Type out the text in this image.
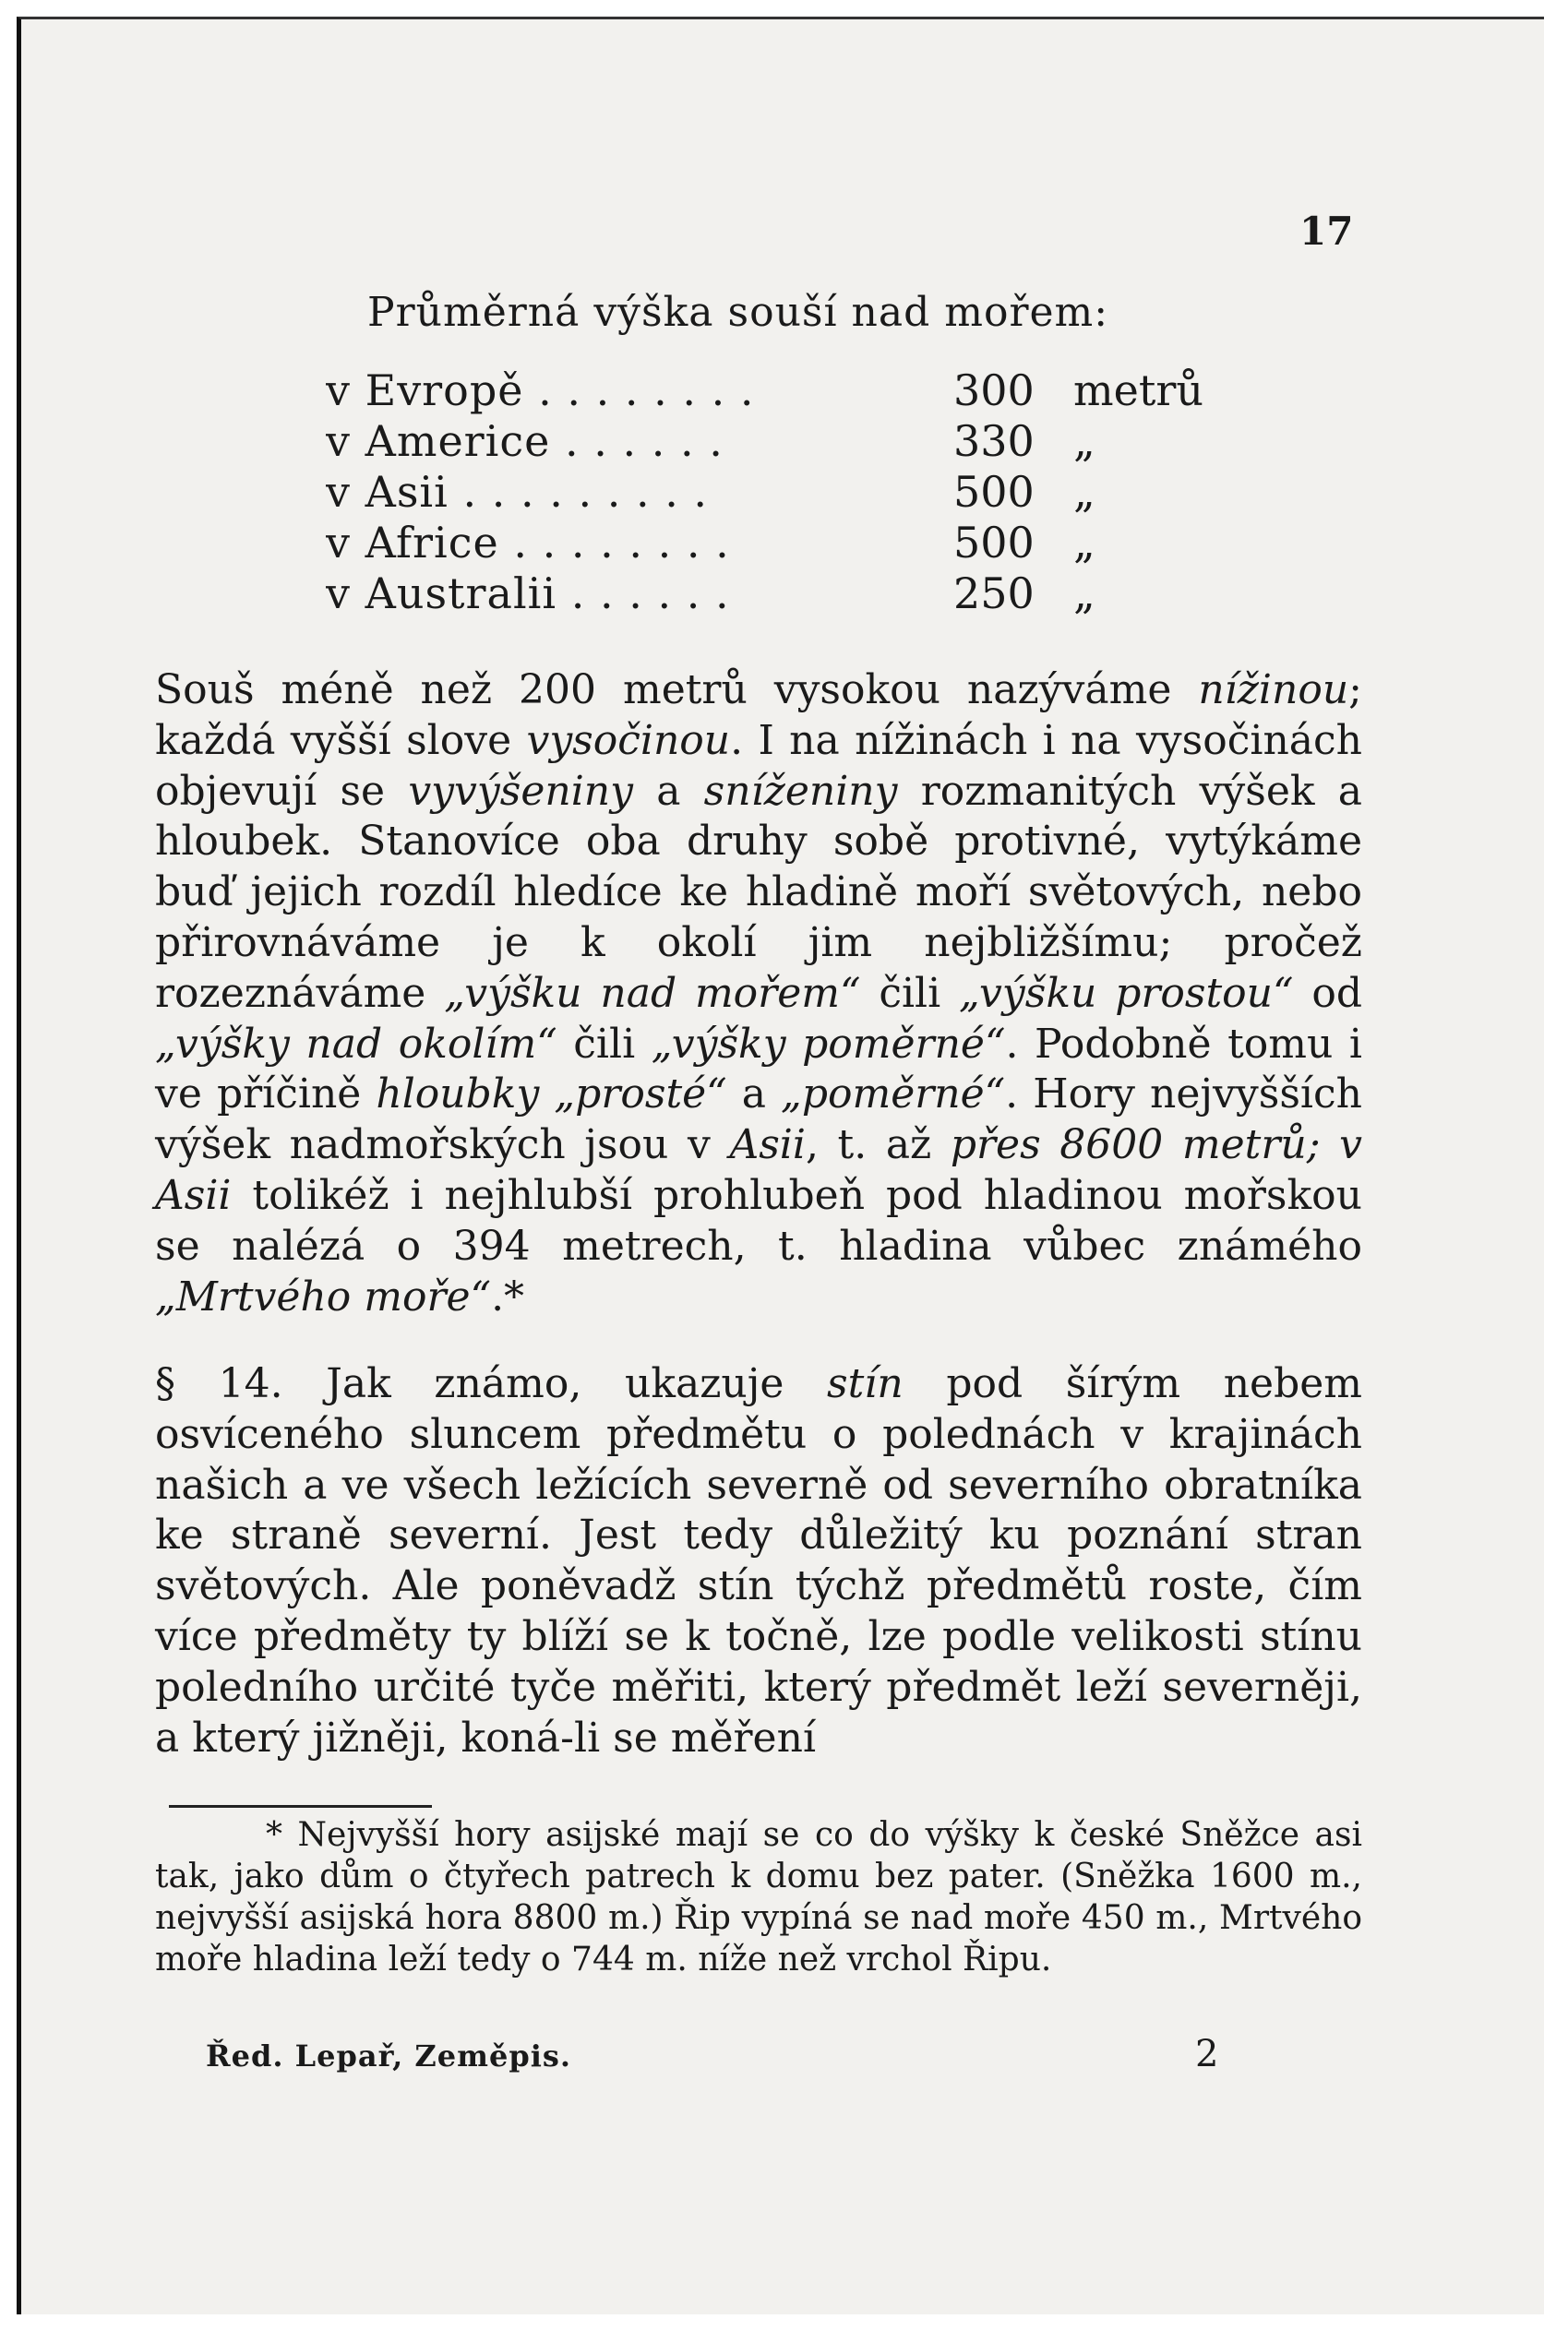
17
Průměrná výška souší nad mořem:
v Evropě . . . . . . . .	300 metrů
v Americe . . . . . .	330 „
v Asii . . . . . . . . .	500 „
v Africe . . . . . . . .	500 „
v Australii . . . . . .	250 „

Souš méně než 200 metrů vysokou nazýváme nížinou; každá vyšší slove vysočinou. I na nížinách i na vysočinách objevují se vyvýšeniny a sníženiny rozmanitých výšek a hloubek. Stanovíce oba druhy sobě protivné, vytýkáme buď jejich rozdíl hledíce ke hladině moří světových, nebo přirovnáváme je k okolí jim nejbližšímu; pročež rozeznáváme „výšku nad mořem“ čili „výšku prostou“ od „výšky nad okolím“ čili „výšky poměrné“. Podobně tomu i ve příčině hloubky „prosté“ a „poměrné“. Hory nejvyšších výšek nadmořských jsou v Asii, t. až přes 8600 metrů; v Asii tolikéž i nejhlubší prohlubeň pod hladinou mořskou se nalézá o 394 metrech, t. hladina vůbec známého „Mrtvého moře“.*

§ 14. Jak známo, ukazuje stín pod šírým nebem osvíceného sluncem předmětu o polednách v krajinách našich a ve všech ležících severně od severního obratníka ke straně severní. Jest tedy důležitý ku poznání stran světových. Ale poněvadž stín týchž předmětů roste, čím více předměty ty blíží se k točně, lze podle velikosti stínu poledního určité tyče měřiti, který předmět leží severněji, a který jižněji, koná-li se měření

* Nejvyšší hory asijské mají se co do výšky k české Sněžce asi tak, jako dům o čtyřech patrech k domu bez pater. (Sněžka 1600 m., nejvyšší asijská hora 8800 m.) Řip vypíná se nad moře 450 m., Mrtvého moře hladina leží tedy o 744 m. níže než vrchol Řipu.

Řed. Lepař, Zeměpis.	2
